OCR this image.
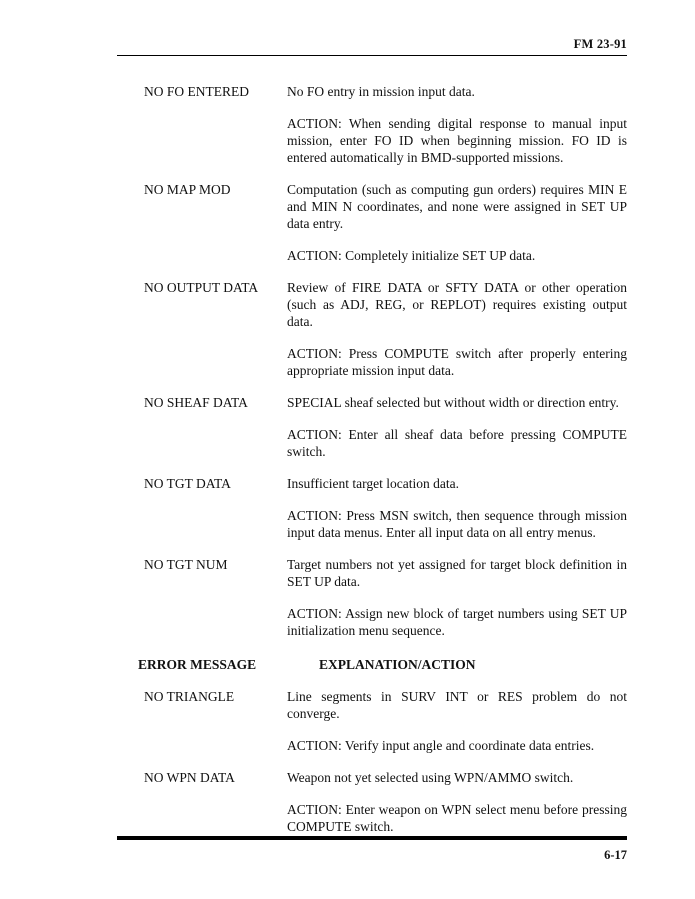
FM 23-91
NO FO ENTERED	No FO entry in mission input data.

ACTION: When sending digital response to manual input mission, enter FO ID when beginning mission. FO ID is entered automatically in BMD-supported missions.

NO MAP MOD	Computation (such as computing gun orders) requires MIN E and MIN N coordinates, and none were assigned in SET UP data entry.

ACTION: Completely initialize SET UP data.

NO OUTPUT DATA	Review of FIRE DATA or SFTY DATA or other operation (such as ADJ, REG, or REPLOT) requires existing output data.

ACTION: Press COMPUTE switch after properly entering appropriate mission input data.

NO SHEAF DATA	SPECIAL sheaf selected but without width or direction entry.

ACTION: Enter all sheaf data before pressing COMPUTE switch.

NO TGT DATA	Insufficient target location data.

ACTION: Press MSN switch, then sequence through mission input data menus. Enter all input data on all entry menus.

NO TGT NUM	Target numbers not yet assigned for target block definition in SET UP data.

ACTION: Assign new block of target numbers using SET UP initialization menu sequence.

ERROR MESSAGE	EXPLANATION/ACTION
NO TRIANGLE	Line segments in SURV INT or RES problem do not converge.

ACTION: Verify input angle and coordinate data entries.

NO WPN DATA	Weapon not yet selected using WPN/AMMO switch.

ACTION: Enter weapon on WPN select menu before pressing COMPUTE switch.

6-17
